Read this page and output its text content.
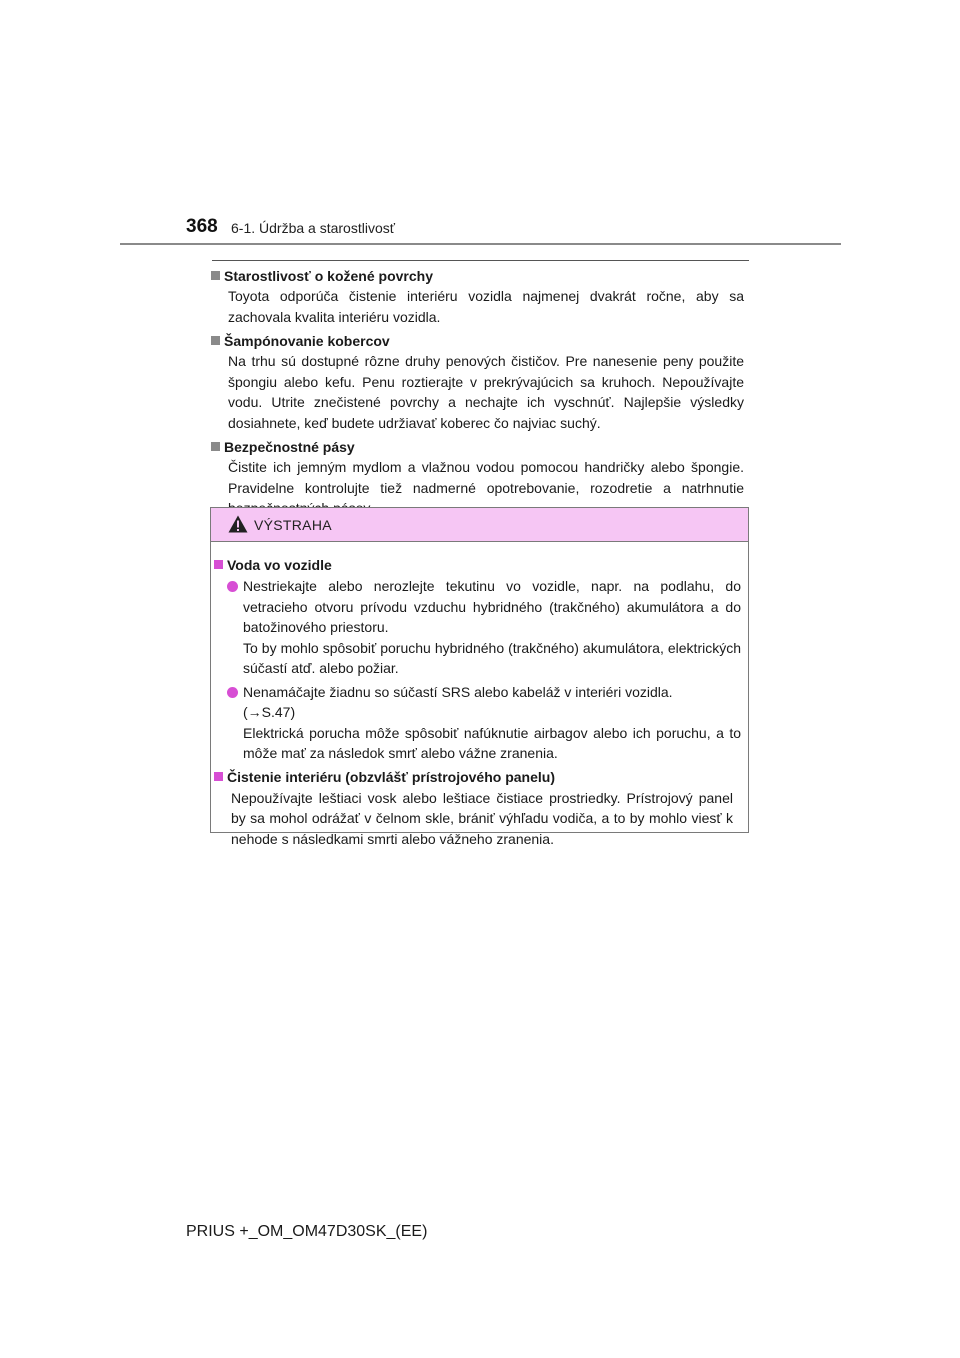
368 6-1. Údržba a starostlivosť
Starostlivosť o kožené povrchy
Toyota odporúča čistenie interiéru vozidla najmenej dvakrát ročne, aby sa zachovala kvalita interiéru vozidla.
Šampónovanie kobercov
Na trhu sú dostupné rôzne druhy penových čističov. Pre nanesenie peny použite špongiu alebo kefu. Penu roztierajte v prekrývajúcich sa kruhoch. Nepoužívajte vodu. Utrite znečistené povrchy a nechajte ich vyschnúť. Najlepšie výsledky dosiahnete, keď budete udržiavať koberec čo najviac suchý.
Bezpečnostné pásy
Čistite ich jemným mydlom a vlažnou vodou pomocou handričky alebo špongie. Pravidelne kontrolujte tiež nadmerné opotrebovanie, rozodretie a natrhnutie
VÝSTRAHA
Voda vo vozidle
Nestriekajte alebo nerozlejte tekutinu vo vozidle, napr. na podlahu, do vetracieho otvoru prívodu vzduchu hybridného (trakčného) akumulátora a do batožinového priestoru.
To by mohlo spôsobiť poruchu hybridného (trakčného) akumulátora, elektrických súčastí atď. alebo požiar.
Nenamáčajte žiadnu so súčastí SRS alebo kabeláž v interiéri vozidla.
(→S.47)
Elektrická porucha môže spôsobiť nafúknutie airbagov alebo ich poruchu, a to môže mať za následok smrť alebo vážne zranenia.
Čistenie interiéru (obzvlášť prístrojového panelu)
Nepoužívajte leštiaci vosk alebo leštiace čistiace prostriedky. Prístrojový panel by sa mohol odrážať v čelnom skle, brániť výhľadu vodiča, a to by mohlo viesť k nehode s následkami smrti alebo vážneho zranenia.
PRIUS +_OM_OM47D30SK_(EE)
